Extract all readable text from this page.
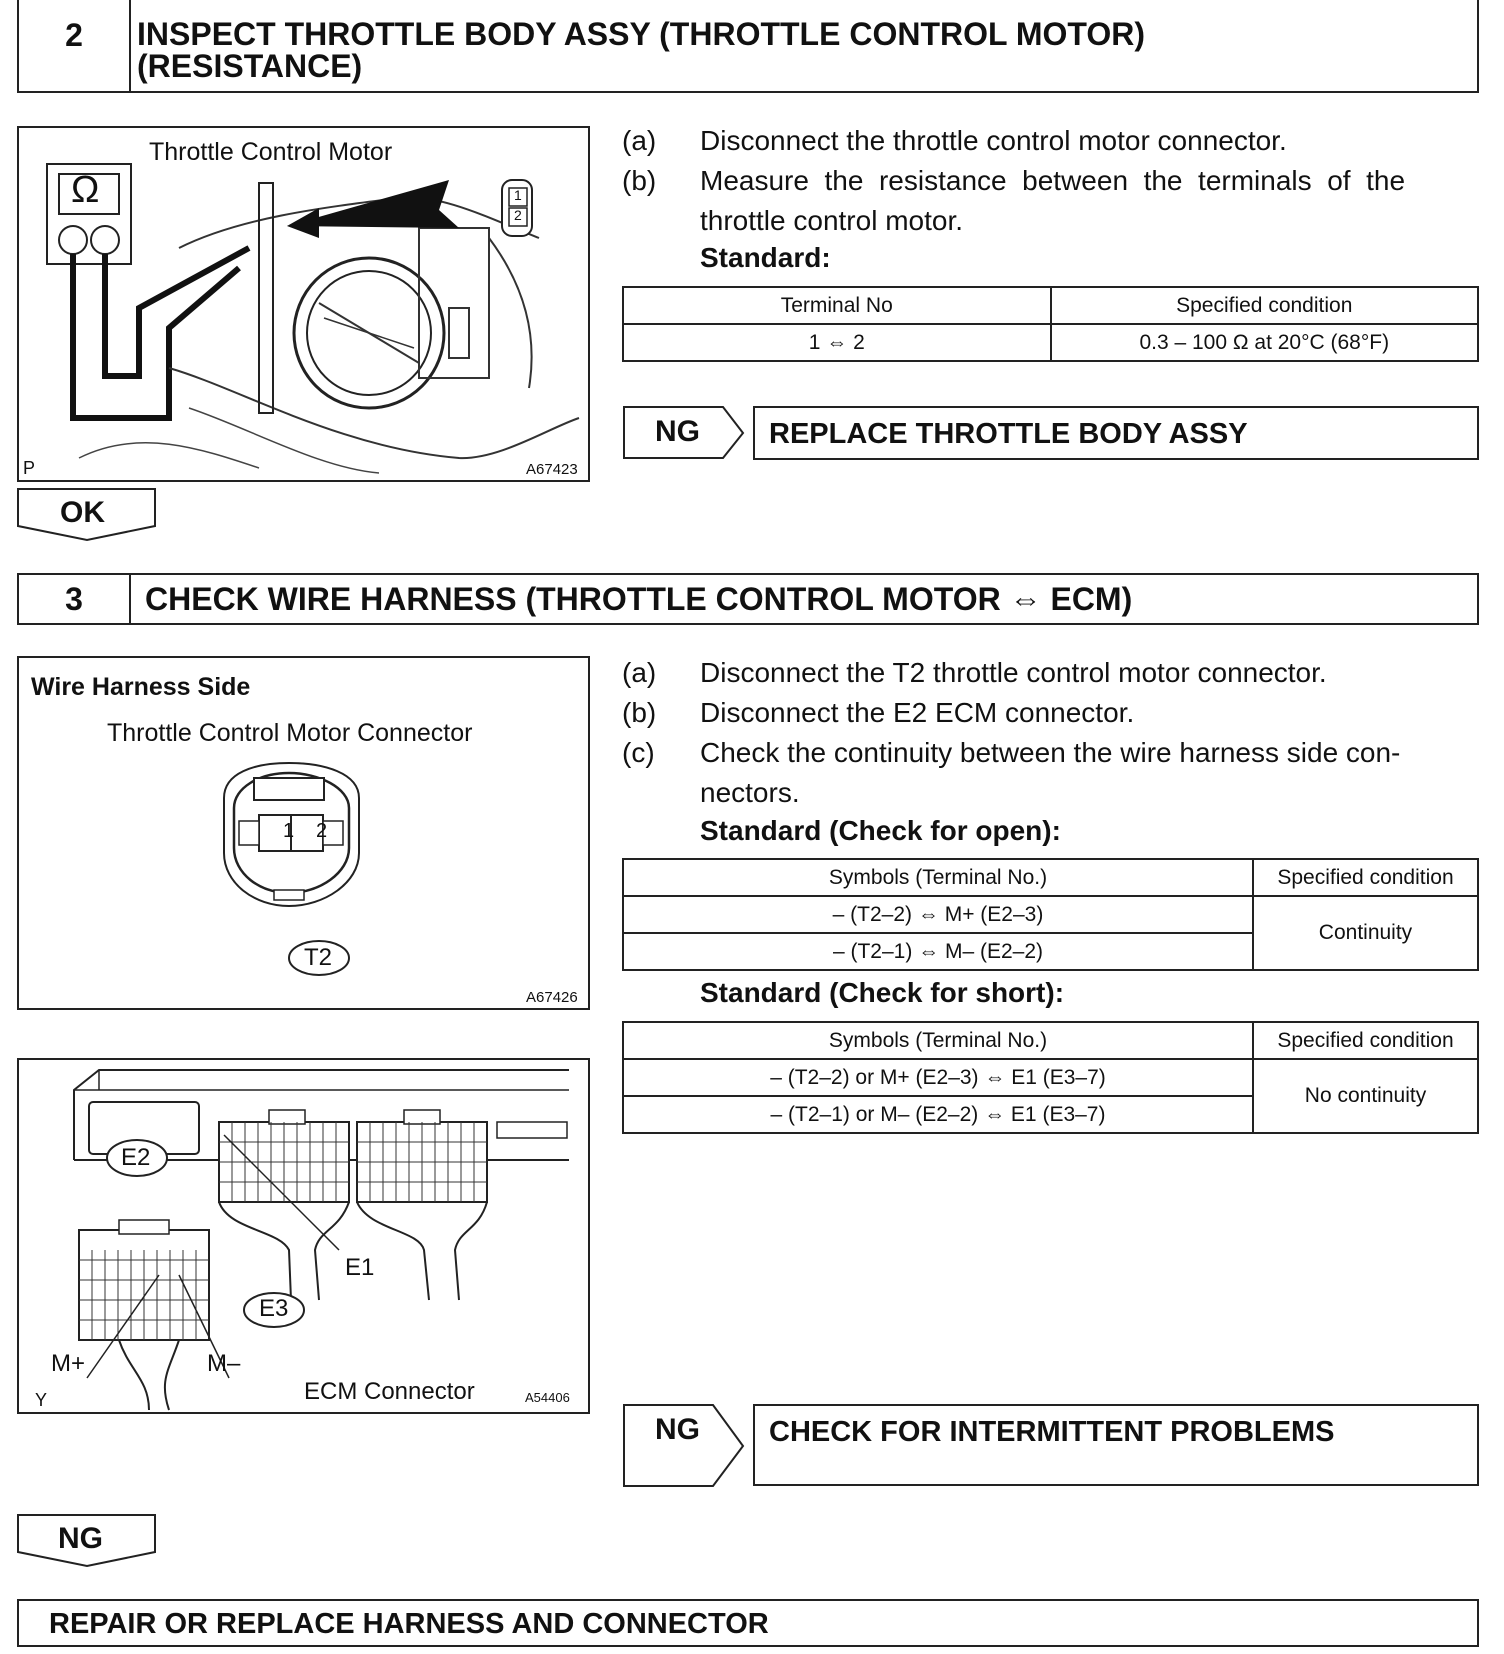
2	INSPECT THROTTLE BODY ASSY (THROTTLE CONTROL MOTOR)
(RESISTANCE)
Throttle Control Motor
Ω	1
2
P	A67423
(a) Disconnect the throttle control motor connector.
(b) Measure  the  resistance  between  the  terminals  of  the
throttle control motor.
Standard:
Terminal No	Specified condition
1 ⇔ 2	0.3 – 100 Ω at 20°C (68°F)
NG REPLACE THROTTLE BODY ASSY
OK
3	CHECK WIRE HARNESS (THROTTLE CONTROL MOTOR ⇔ ECM)
Wire Harness Side
Throttle Control Motor Connector
1 2
T2
A67426
E2
E1
E3
M+	M–
Y	ECM Connector	A54406
(a) Disconnect the T2 throttle control motor connector.
(b) Disconnect the E2 ECM connector.
(c) Check the continuity between the wire harness side con-
nectors.
Standard (Check for open):
Symbols (Terminal No.)	Specified condition
– (T2–2) ⇔ M+ (E2–3)	Continuity
– (T2–1) ⇔ M– (E2–2)	
Standard (Check for short):
Symbols (Terminal No.)	Specified condition
– (T2–2) or M+ (E2–3) ⇔ E1 (E3–7)	No continuity
– (T2–1) or M– (E2–2) ⇔ E1 (E3–7)	
NG CHECK FOR INTERMITTENT PROBLEMS
NG
REPAIR OR REPLACE HARNESS AND CONNECTOR
